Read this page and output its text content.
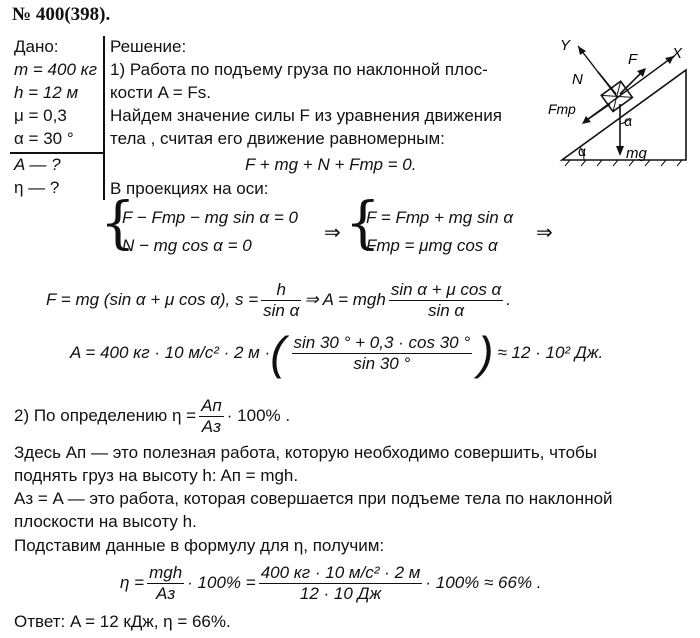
№ 400(398).
Дано:
m = 400 кг
h = 12 м
μ = 0,3
α = 30 °
A — ?
η — ?
Решение:
1) Работа по подъему груза по наклонной плос-
кости A = Fs.
Найдем значение силы F из уравнения движения
тела , считая его движение равномерным:
F + mg + N + Fтр = 0.
В проекциях на оси:
{
F − Fтр − mg sin α = 0
N − mg cos α = 0
⇒ {
F = Fтр + mg sin α
Fтр = μmg cos α
⇒
F = mg (sin α + μ cos α), $s = \frac{h}{\text{sin α}}$ ⇒ A = mgh $\frac{\text{sin α + μ cos α}}{\text{sin α}}$ .
A = 400 кг · 10 м/с² · 2 м · ( $\frac{\sin 30 ^\circ + 0,3 \cdot \cos 30 ^\circ}{\sin 30 ^\circ}$ ) ≈ 12 · 10² Дж.
2) По определению $\eta = \frac{Aп}{Aз} \cdot 100\%$ .
Здесь Aп — это полезная работа, которую необходимо совершить, чтобы
поднять груз на высоту h: Aп = mgh.
Aз = A — это работа, которая совершается при подъеме тела по наклонной
плоскости на высоту h.
Подставим данные в формулу для η, получим:
$\eta = \frac{\text{mgh}}{Aз} \cdot 100\% = \frac{\text{400 кг · 10 м/с² · 2 м}}{12 \cdot 10 Дж} \cdot 100\% \approx 66\%$ .
Ответ: A = 12 кДж, η = 66%.
Y	X
F
N
Fтр
α
α	mg
